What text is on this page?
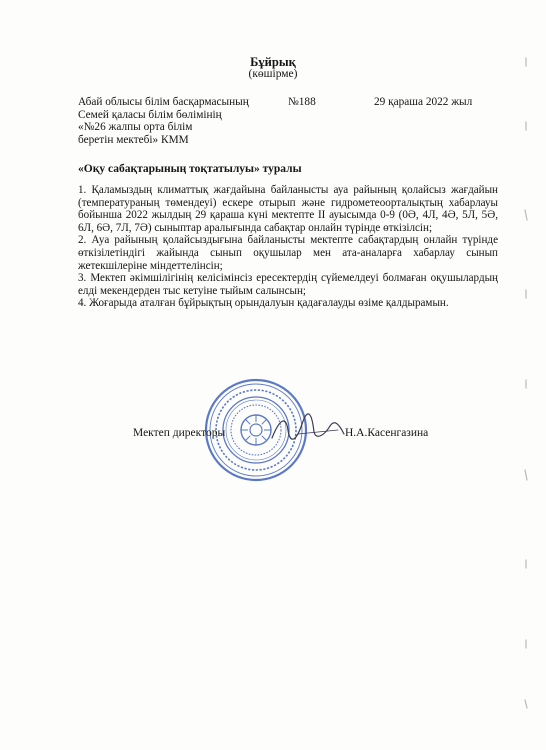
Бұйрық
(көшірме)
Абай облысы білім басқармасының
Семей қаласы білім бөлімінің
«№26 жалпы орта білім
беретін мектебі» КММ
№188	29 қараша 2022 жыл
«Оқу сабақтарының тоқтатылуы» туралы

1. Қаламыздың климаттық жағдайына байланысты ауа райының қолайсыз жағдайын (температураның төмендеуі) ескере отырып және гидрометеоорталықтың хабарлауы бойынша 2022 жылдың 29 қараша күні мектепте ІІ ауысымда 0-9 (0Ә, 4Л, 4Ә, 5Л, 5Ә, 6Л, 6Ә, 7Л, 7Ә) сыныптар аралығында сабақтар онлайн түрінде өткізілсін;

2. Ауа райының қолайсыздығына байланысты мектепте сабақтардың онлайн түрінде өткізілетіндігі жайында сынып оқушылар мен ата-аналарға хабарлау сынып жетекшілеріне міндеттелінсін;

3. Мектеп әкімшілігінің келісімінсіз ересектердің сүйемелдеуі болмаған оқушылардың елді мекендерден тыс кетуіне тыйым салынсын;

4. Жоғарыда аталған бұйрықтың орындалуын қадағалауды өзіме қалдырамын.

Мектеп директоры	Н.А.Касенгазина
